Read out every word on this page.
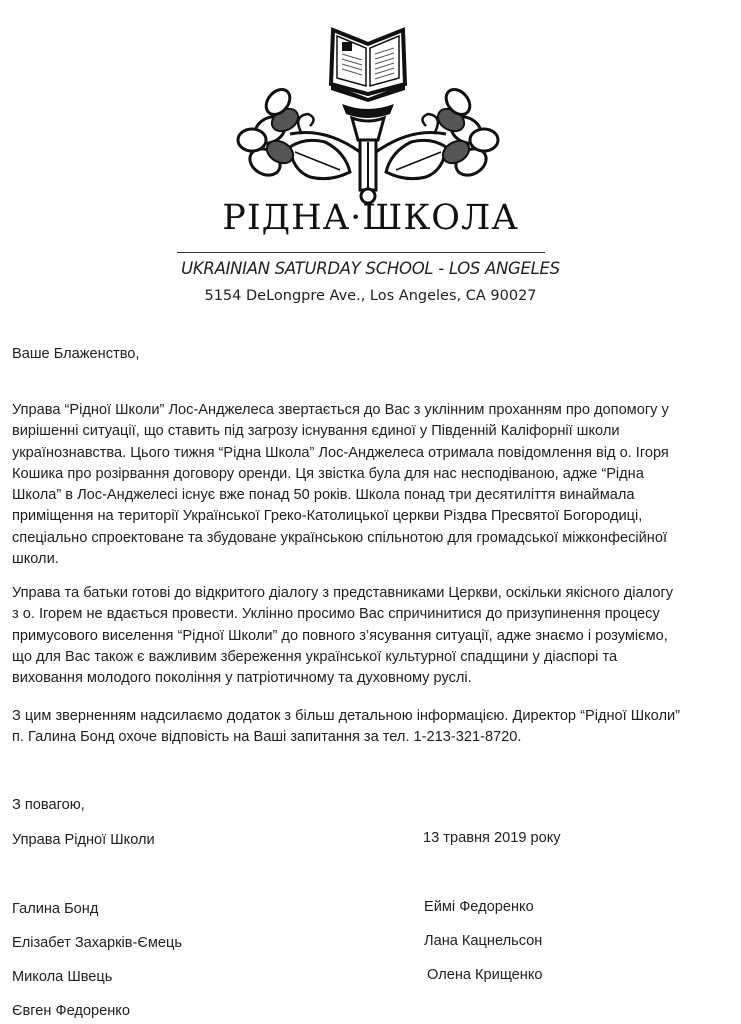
РІДНА·ШКОЛА
UKRAINIAN SATURDAY SCHOOL - LOS ANGELES
5154 DeLongpre Ave., Los Angeles, CA 90027
Ваше Блаженство,
Управа “Рідної Школи” Лос-Анджелеса звертається до Вас з уклінним проханням про допомогу у
вирішенні ситуації, що ставить під загрозу існування єдиної у Південній Каліфорнії школи
українознавства. Цього тижня “Рідна Школа” Лос-Анджелеса отримала повідомлення від о. Ігоря
Кошика про розірвання договору оренди. Ця звістка була для нас несподіваною, адже “Рідна
Школа” в Лос-Анджелесі існує вже понад 50 років. Школа понад три десятиліття винаймала
приміщення на території Української Греко-Католицької церкви Різдва Пресвятої Богородиці,
спеціально спроектоване та збудоване українською спільнотою для громадської міжконфесійної
школи.
Управа та батьки готові до відкритого діалогу з представниками Церкви, оскільки якісного діалогу
з о. Ігорем не вдається провести. Уклінно просимо Вас спричинитися до призупинення процесу
примусового виселення “Рідної Школи” до повного з’ясування ситуації, адже знаємо і розуміємо,
що для Вас також є важливим збереження української культурної спадщини у діаспорі та
виховання молодого покоління у патріотичному та духовному руслі.
З цим зверненням надсилаємо додаток з більш детальною інформацією. Директор “Рідної Школи”
п. Галина Бонд охоче відповість на Ваші запитання за тел. 1-213-321-8720.
З повагою,
Управа Рідної Школи	13 травня 2019 року
Галина Бонд
Елізабет Захарків-Ємець
Микола Швець
Євген Федоренко
Еймі Федоренко
Лана Кацнельсон
Олена Крищенко
